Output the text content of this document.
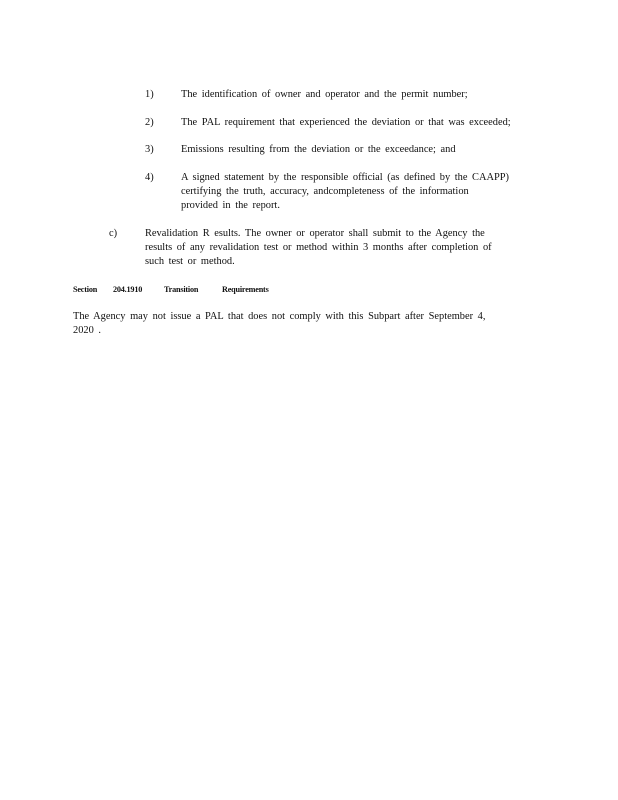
1)	The identification of owner and operator and the permit number;
2)	The PAL requirement that experienced the deviation or that was exceeded;
3)	Emissions resulting from the deviation or the exceedance; and
4)	A signed statement by the responsible official (as defined by the CAAPP)
certifying the truth, accuracy, andcompleteness of the information
provided in the report.
c)	Revalidation R esults. The owner or operator shall submit to the Agency the
results of any revalidation test or method within 3 months after completion of
such test or method.
Section 204.1910	Transition	Requirements
The Agency may not issue a PAL that does not comply with this Subpart after September 4,
2020 .
